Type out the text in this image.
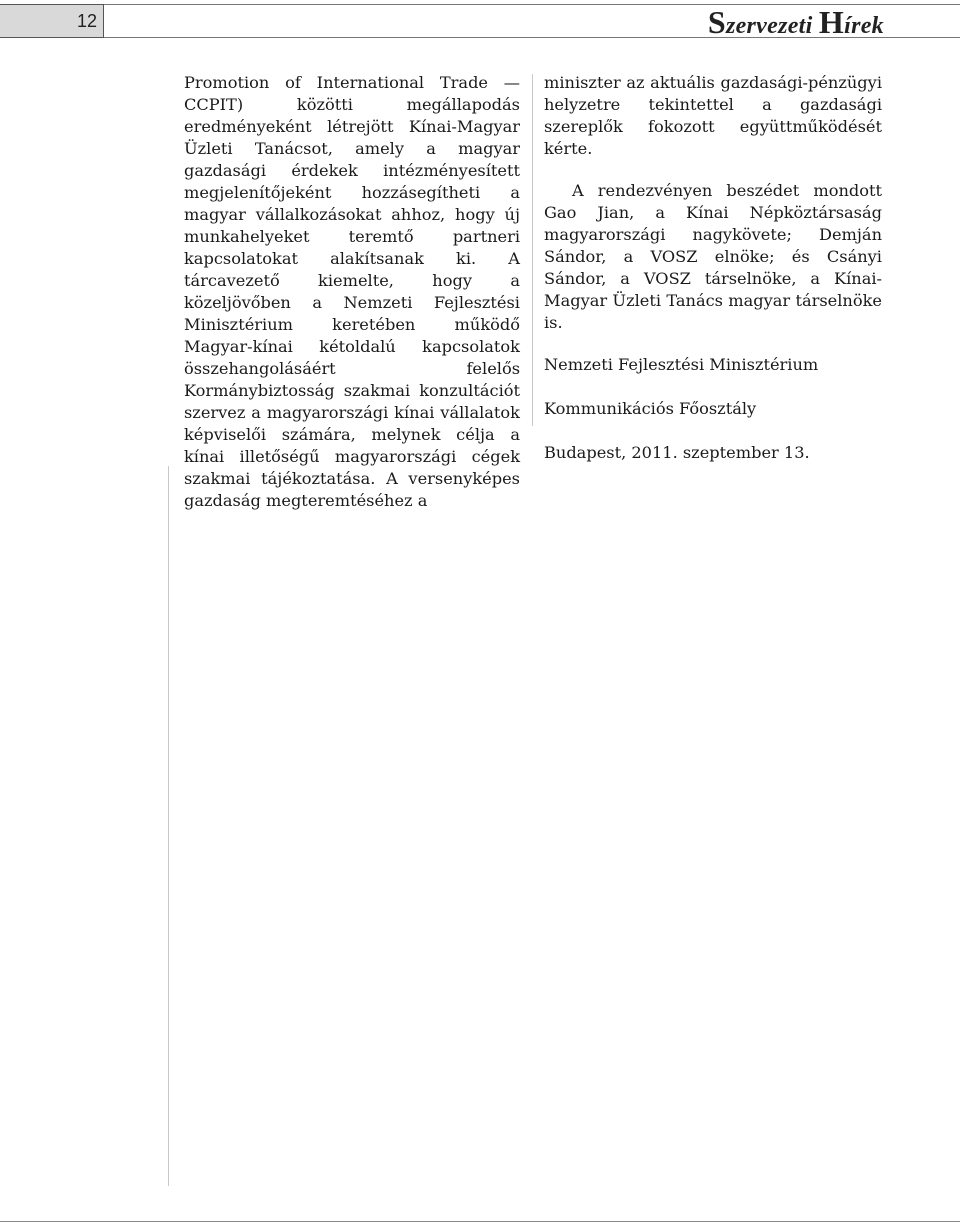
12	Szervezeti Hírek

Promotion of International Trade — CCPIT) közötti megállapodás eredményeként létrejött Kínai-Magyar Üzleti Tanácsot, amely a magyar gazdasági érdekek intézményesített megjelenítőjeként hozzásegítheti a magyar vállalkozásokat ahhoz, hogy új munkahelyeket teremtő partneri kapcsolatokat alakítsanak ki. A tárcavezető kiemelte, hogy a közeljövőben a Nemzeti Fejlesztési Minisztérium keretében működő Magyar-kínai kétoldalú kapcsolatok összehangolásáért felelős Kormánybiztosság szakmai konzultációt szervez a magyarországi kínai vállalatok képviselői számára, melynek célja a kínai illetőségű magyarországi cégek szakmai tájékoztatása. A versenyképes gazdaság megteremtéséhez a

miniszter az aktuális gazdasági-pénzügyi helyzetre tekintettel a gazdasági szereplők fokozott együttműködését kérte.

A rendezvényen beszédet mondott Gao Jian, a Kínai Népköztársaság magyarországi nagykövete; Demján Sándor, a VOSZ elnöke; és Csányi Sándor, a VOSZ társelnöke, a Kínai-Magyar Üzleti Tanács magyar társelnöke is.

Nemzeti Fejlesztési Minisztérium

Kommunikációs Főosztály

Budapest, 2011. szeptember 13.
